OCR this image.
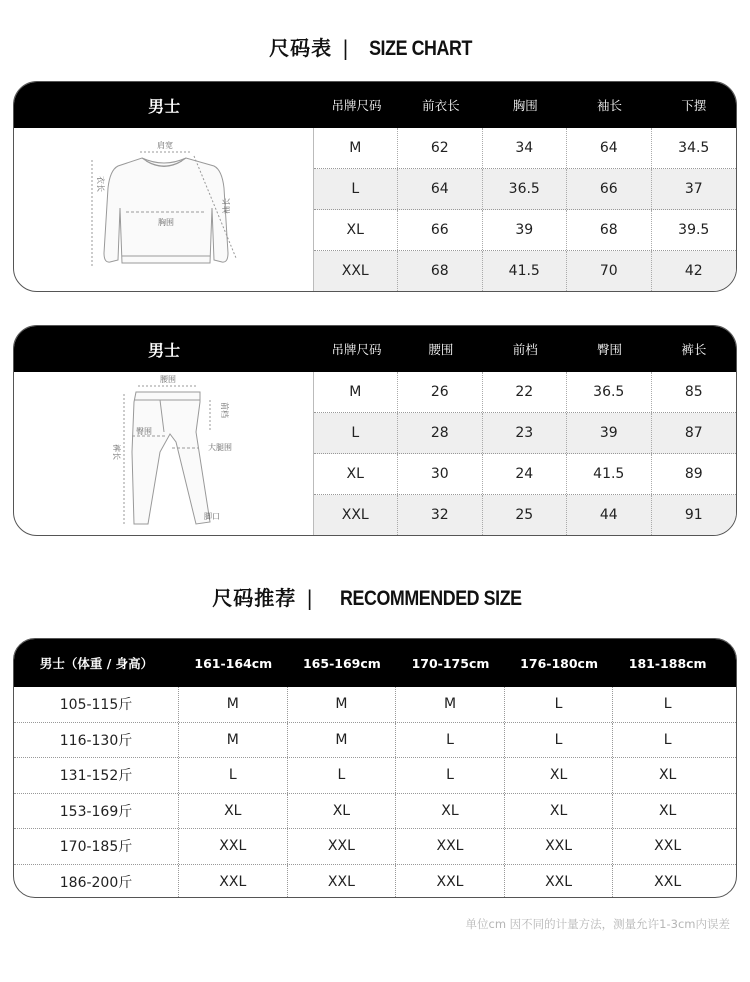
尺码表 | SIZE CHART
男士	吊牌尺码	前衣长	胸围	袖长	下摆
肩宽
衣长
袖长
胸围
M	62	34	64	34.5
L	64	36.5	66	37
XL	66	39	68	39.5
XXL	68	41.5	70	42
男士	吊牌尺码	腰围	前档	臀围	裤长
腰围
前档
臀围
大腿围
裤长
脚口
M	26	22	36.5	85
L	28	23	39	87
XL	30	24	41.5	89
XXL	32	25	44	91
尺码推荐 | RECOMMENDED SIZE
男士（体重 / 身高）	161-164cm	165-169cm	170-175cm	176-180cm	181-188cm
105-115斤	M	M	M	L	L
116-130斤	M	M	L	L	L
131-152斤	L	L	L	XL	XL
153-169斤	XL	XL	XL	XL	XL
170-185斤	XXL	XXL	XXL	XXL	XXL
186-200斤	XXL	XXL	XXL	XXL	XXL
单位cm 因不同的计量方法，测量允许1-3cm内误差
